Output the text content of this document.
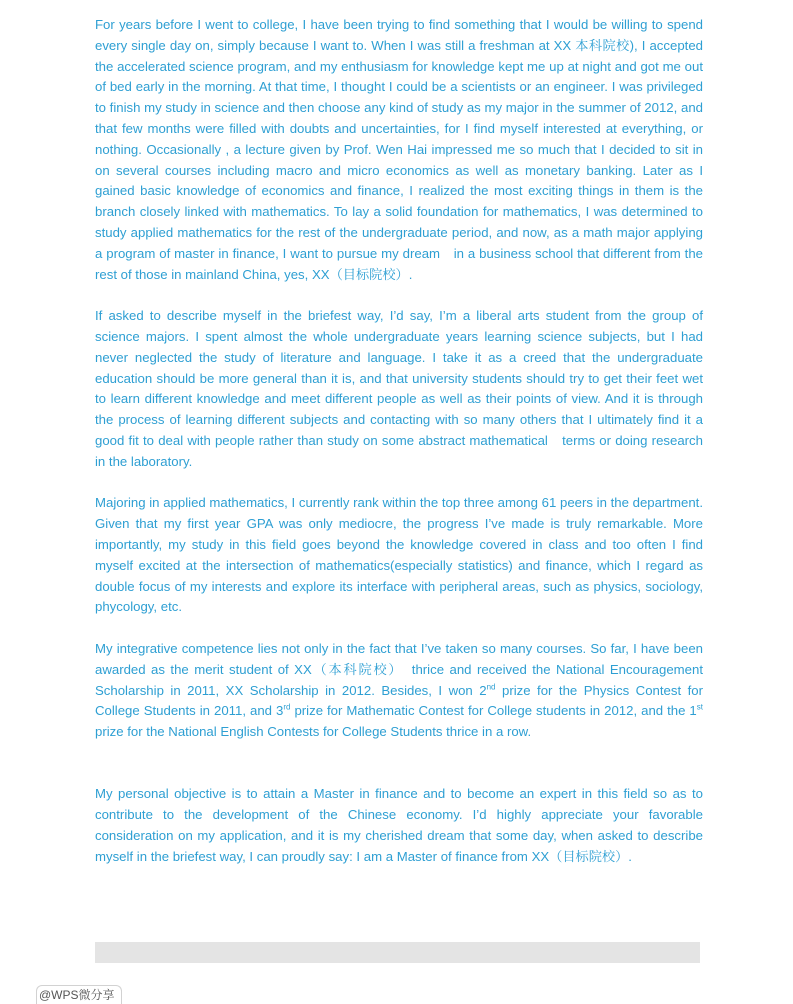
For years before I went to college, I have been trying to find something that I would be willing to spend every single day on, simply because I want to. When I was still a freshman at XX 本科院校), I accepted the accelerated science program, and my enthusiasm for knowledge kept me up at night and got me out of bed early in the morning. At that time, I thought I could be a scientists or an engineer. I was privileged to finish my study in science and then choose any kind of study as my major in the summer of 2012, and that few months were filled with doubts and uncertainties, for I find myself interested at everything, or nothing. Occasionally , a lecture given by Prof. Wen Hai impressed me so much that I decided to sit in on several courses including macro and micro economics as well as monetary banking. Later as I gained basic knowledge of economics and finance, I realized the most exciting things in them is the branch closely linked with mathematics. To lay a solid foundation for mathematics, I was determined to study applied mathematics for the rest of the undergraduate period, and now, as a math major applying a program of master in finance, I want to pursue my dream　in a business school that different from the rest of those in mainland China, yes, XX（目标院校）.

If asked to describe myself in the briefest way, I’d say, I’m a liberal arts student from the group of science majors. I spent almost the whole undergraduate years learning science subjects, but I had never neglected the study of literature and language. I take it as a creed that the undergraduate education should be more general than it is, and that university students should try to get their feet wet to learn different knowledge and meet different people as well as their points of view. And it is through the process of learning different subjects and contacting with so many others that I ultimately find it a good fit to deal with people rather than study on some abstract mathematical　terms or doing research in the laboratory.

Majoring in applied mathematics, I currently rank within the top three among 61 peers in the department. Given that my first year GPA was only mediocre, the progress I’ve made is truly remarkable. More importantly, my study in this field goes beyond the knowledge covered in class and too often I find myself excited at the intersection of mathematics(especially statistics) and finance, which I regard as double focus of my interests and explore its interface with peripheral areas, such as physics, sociology, phycology, etc.

My integrative competence lies not only in the fact that I’ve taken so many courses. So far, I have been awarded as the merit student of XX（本科院校）　thrice and received the National Encouragement Scholarship in 2011, XX Scholarship in 2012. Besides, I won 2nd prize for the Physics Contest for College Students in 2011, and 3rd prize for Mathematic Contest for College students in 2012, and the 1st prize for the National English Contests for College Students thrice in a row.

My personal objective is to attain a Master in finance and to become an expert in this field so as to contribute to the development of the Chinese economy. I’d highly appreciate your favorable consideration on my application, and it is my cherished dream that some day, when asked to describe myself in the briefest way, I can proudly say: I am a Master of finance from XX（目标院校）.

@WPS微分享
